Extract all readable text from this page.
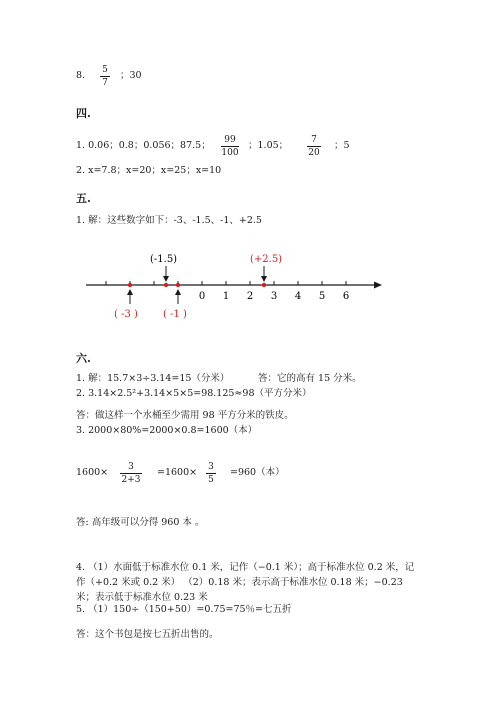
8. 5
7
；30
四.
1. 0.06；0.8；0.056；87.5；	99
100
；1.05；	7
20
；5
2. x=7.8；x=20；x=25；x=10
五.
1. 解：这些数字如下：-3、-1.5、-1、+2.5
0 1 2 3 4 5 6
(-1.5)	(+2.5)
( -3 )	( -1 )
六.
1. 解：15.7×3÷3.14=15（分米）	答：它的高有 15 分米。
2. 3.14×2.5²+3.14×5×5=98.125≈98（平方分米）
答：做这样一个水桶至少需用 98 平方分米的铁皮。
3. 2000×80%=2000×0.8=1600（本）
1600×	3
2+3
=1600× 3
5
=960（本）
答: 高年级可以分得 960 本 。
4. （1）水面低于标准水位 0.1 米，记作（−0.1 米）；高于标准水位 0.2 米，记
作（+0.2 米或 0.2 米） （2）0.18 米；表示高于标准水位 0.18 米；−0.23
米；表示低于标准水位 0.23 米
5. （1）150÷（150+50）=0.75=75％=七五折
答：这个书包是按七五折出售的。
